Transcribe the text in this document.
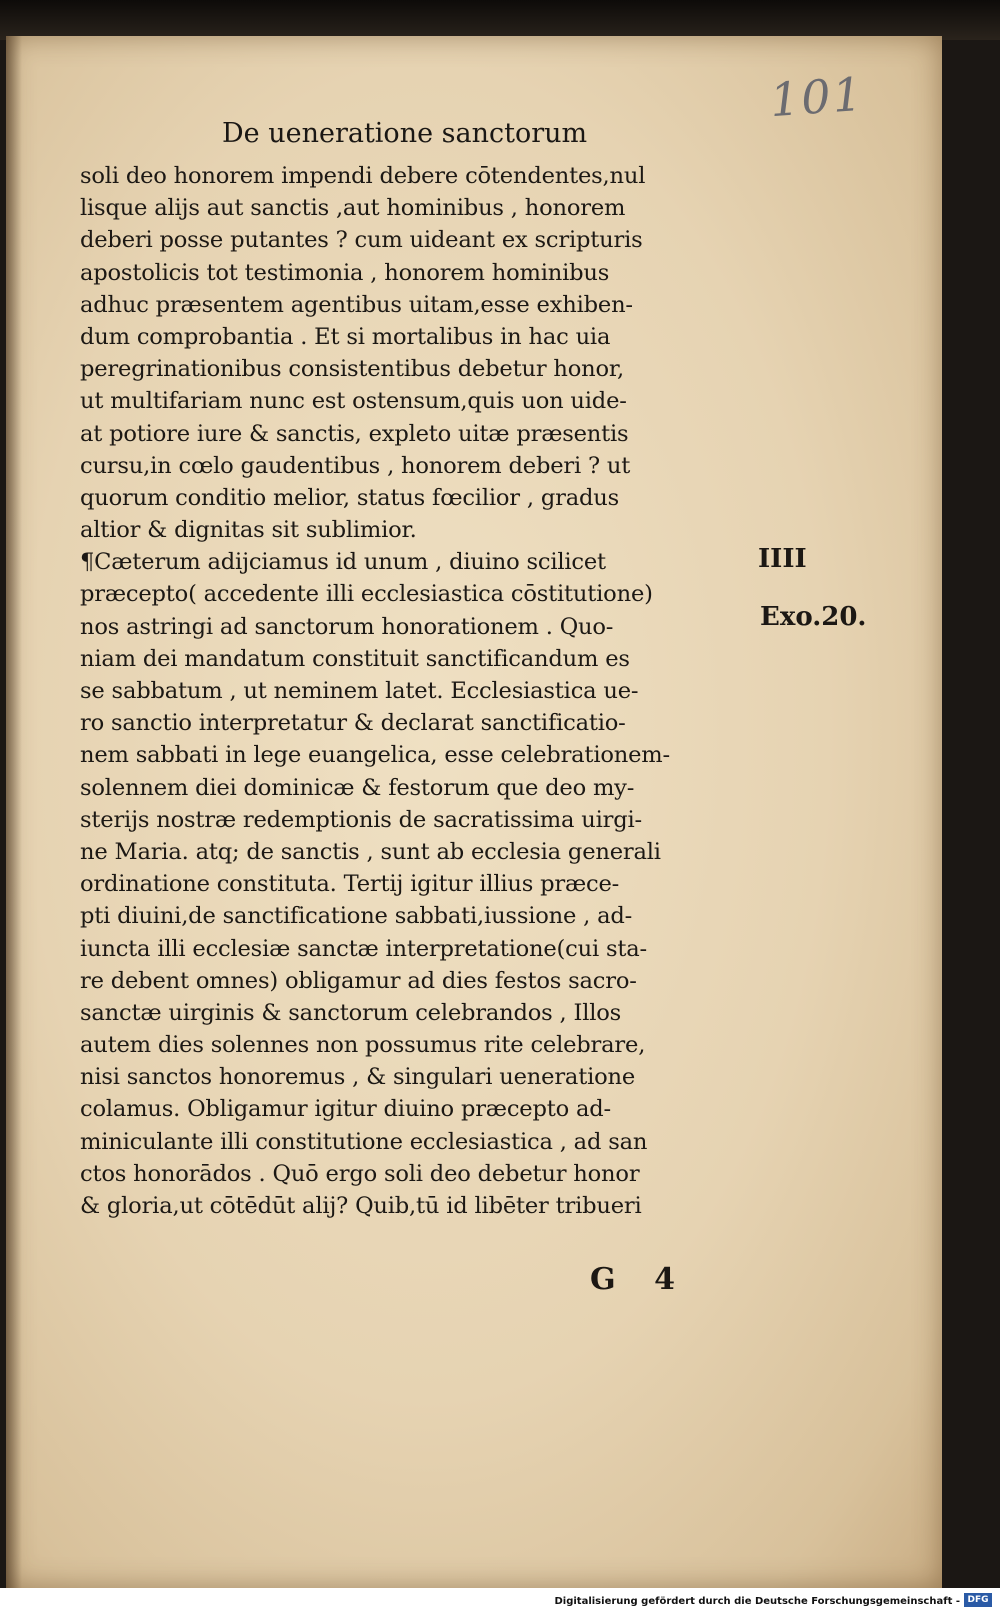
101
De ueneratione sanctorum
soli deo honorem impendi debere cōtendentes,nul
lisque alijs aut sanctis ,aut hominibus , honorem
deberi posse putantes ? cum uideant ex scripturis
apostolicis tot testimonia , honorem hominibus
adhuc præsentem agentibus uitam,esse exhiben-
dum comprobantia . Et si mortalibus in hac uia
peregrinationibus consistentibus debetur honor,
ut multifariam nunc est ostensum,quis uon uide-
at potiore iure & sanctis, expleto uitæ præsentis
cursu,in cœlo gaudentibus , honorem deberi ? ut
quorum conditio melior, status fœcilior , gradus
altior & dignitas sit sublimior.
¶Cæterum adijciamus id unum , diuino scilicet
præcepto( accedente illi ecclesiastica cōstitutione)
nos astringi ad sanctorum honorationem . Quo-
niam dei mandatum constituit sanctificandum es
se sabbatum , ut neminem latet. Ecclesiastica ue-
ro sanctio interpretatur & declarat sanctificatio-
nem sabbati in lege euangelica, esse celebrationem-
solennem diei dominicæ & festorum que deo my-
sterijs nostræ redemptionis de sacratissima uirgi-
ne Maria. atq; de sanctis , sunt ab ecclesia generali
ordinatione constituta. Tertij igitur illius præce-
pti diuini,de sanctificatione sabbati,iussione , ad-
iuncta illi ecclesiæ sanctæ interpretatione(cui sta-
re debent omnes) obligamur ad dies festos sacro-
sanctæ uirginis & sanctorum celebrandos , Illos
autem dies solennes non possumus rite celebrare,
nisi sanctos honoremus , & singulari ueneratione
colamus. Obligamur igitur diuino præcepto ad-
miniculante illi constitutione ecclesiastica , ad san
ctos honorādos . Quō ergo soli deo debetur honor
& gloria,ut cōtēdūt alij? Quib,tū id libēter tribueri
IIII
Exo.20.
G 4
Digitalisierung gefördert durch die Deutsche Forschungsgemeinschaft - DFG
